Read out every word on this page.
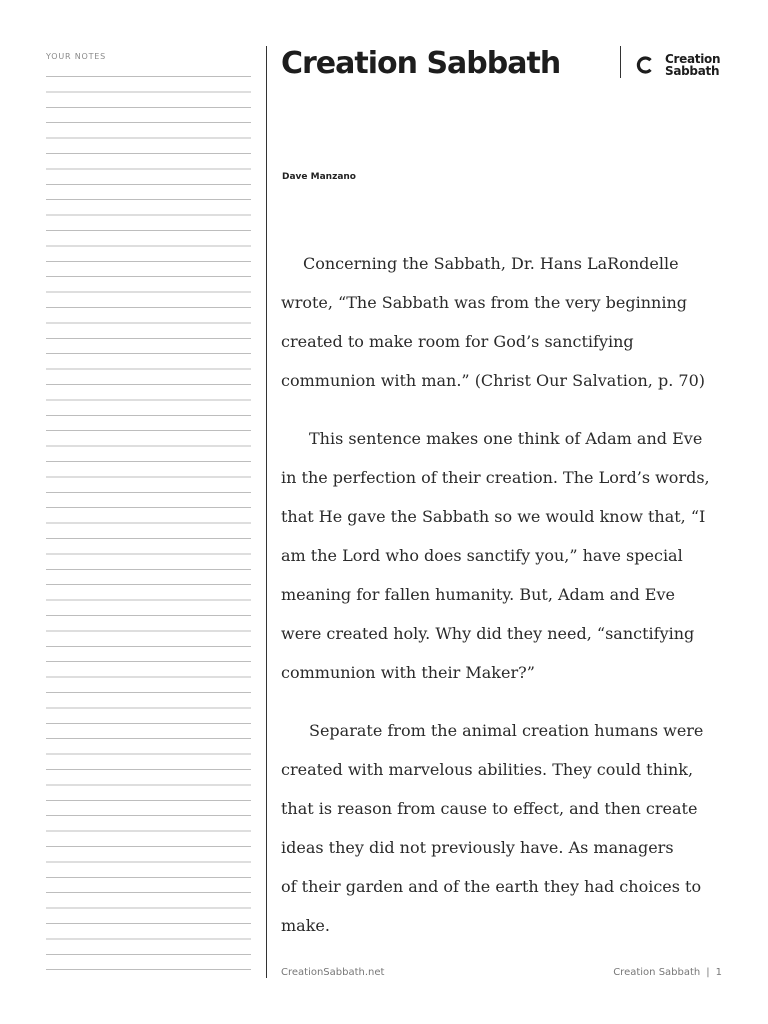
YOUR NOTES	Creation Sabbath	Creation
Sabbath
Dave Manzano

Concerning the Sabbath, Dr. Hans LaRondelle
wrote, “The Sabbath was from the very beginning
created to make room for God’s sanctifying
communion with man.” (Christ Our Salvation, p. 70)

This sentence makes one think of Adam and Eve
in the perfection of their creation. The Lord’s words,
that He gave the Sabbath so we would know that, “I
am the Lord who does sanctify you,” have special
meaning for fallen humanity. But, Adam and Eve
were created holy. Why did they need, “sanctifying
communion with their Maker?”

Separate from the animal creation humans were
created with marvelous abilities. They could think,
that is reason from cause to effect, and then create
ideas they did not previously have. As managers
of their garden and of the earth they had choices to
make.

CreationSabbath.net	Creation Sabbath | 1
